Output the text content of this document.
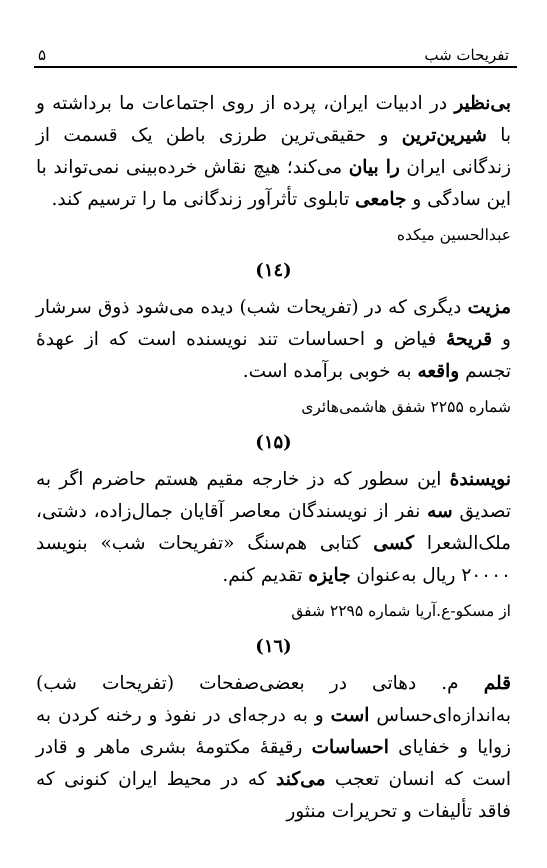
تفریحات شب
۵

بی‌نظیر در ادبیات ایران، پرده از روی اجتماعات ما برداشته و با شیرین‌ترین و حقیقی‌ترین طرزی باطن یک قسمت از زندگانی ایران را بیان می‌کند؛ هیچ نقاش خرده‌بینی نمی‌تواند با این سادگی و جامعی تابلوی تأثرآور زندگانی ما را ترسیم کند.

عبدالحسین میکده

(۱٤)

مزیت دیگری که در (تفریحات شب) دیده می‌شود ذوق سرشار و قریحهٔ فیاض و احساسات تند نویسنده است که از عهدهٔ تجسم واقعه به خوبی برآمده است.

شماره ۲۲۵۵ شفق هاشمی‌هائری

(۱۵)

نویسندهٔ این سطور که دز خارجه مقیم هستم حاضرم اگر به تصدیق سه نفر از نویسندگان معاصر آقایان جمال‌زاده، دشتی، ملک‌الشعرا کسی کتابی هم‌سنگ «تفریحات شب» بنویسد ۲۰۰۰۰ ریال به‌عنوان جایزه تقدیم کنم.

از مسکو-ع.آریا شماره ۲۲۹۵ شفق

(۱٦)

قلم م. دهاتی در بعضی‌صفحات (تفریحات شب) به‌اندازه‌ای‌حساس است و به درجه‌ای در نفوذ و رخنه کردن به زوایا و خفایای احساسات رقیقهٔ مکتومهٔ بشری ماهر و قادر است که انسان تعجب می‌کند که در محیط ایران کنونی که فاقد تألیفات و تحریرات منثور
